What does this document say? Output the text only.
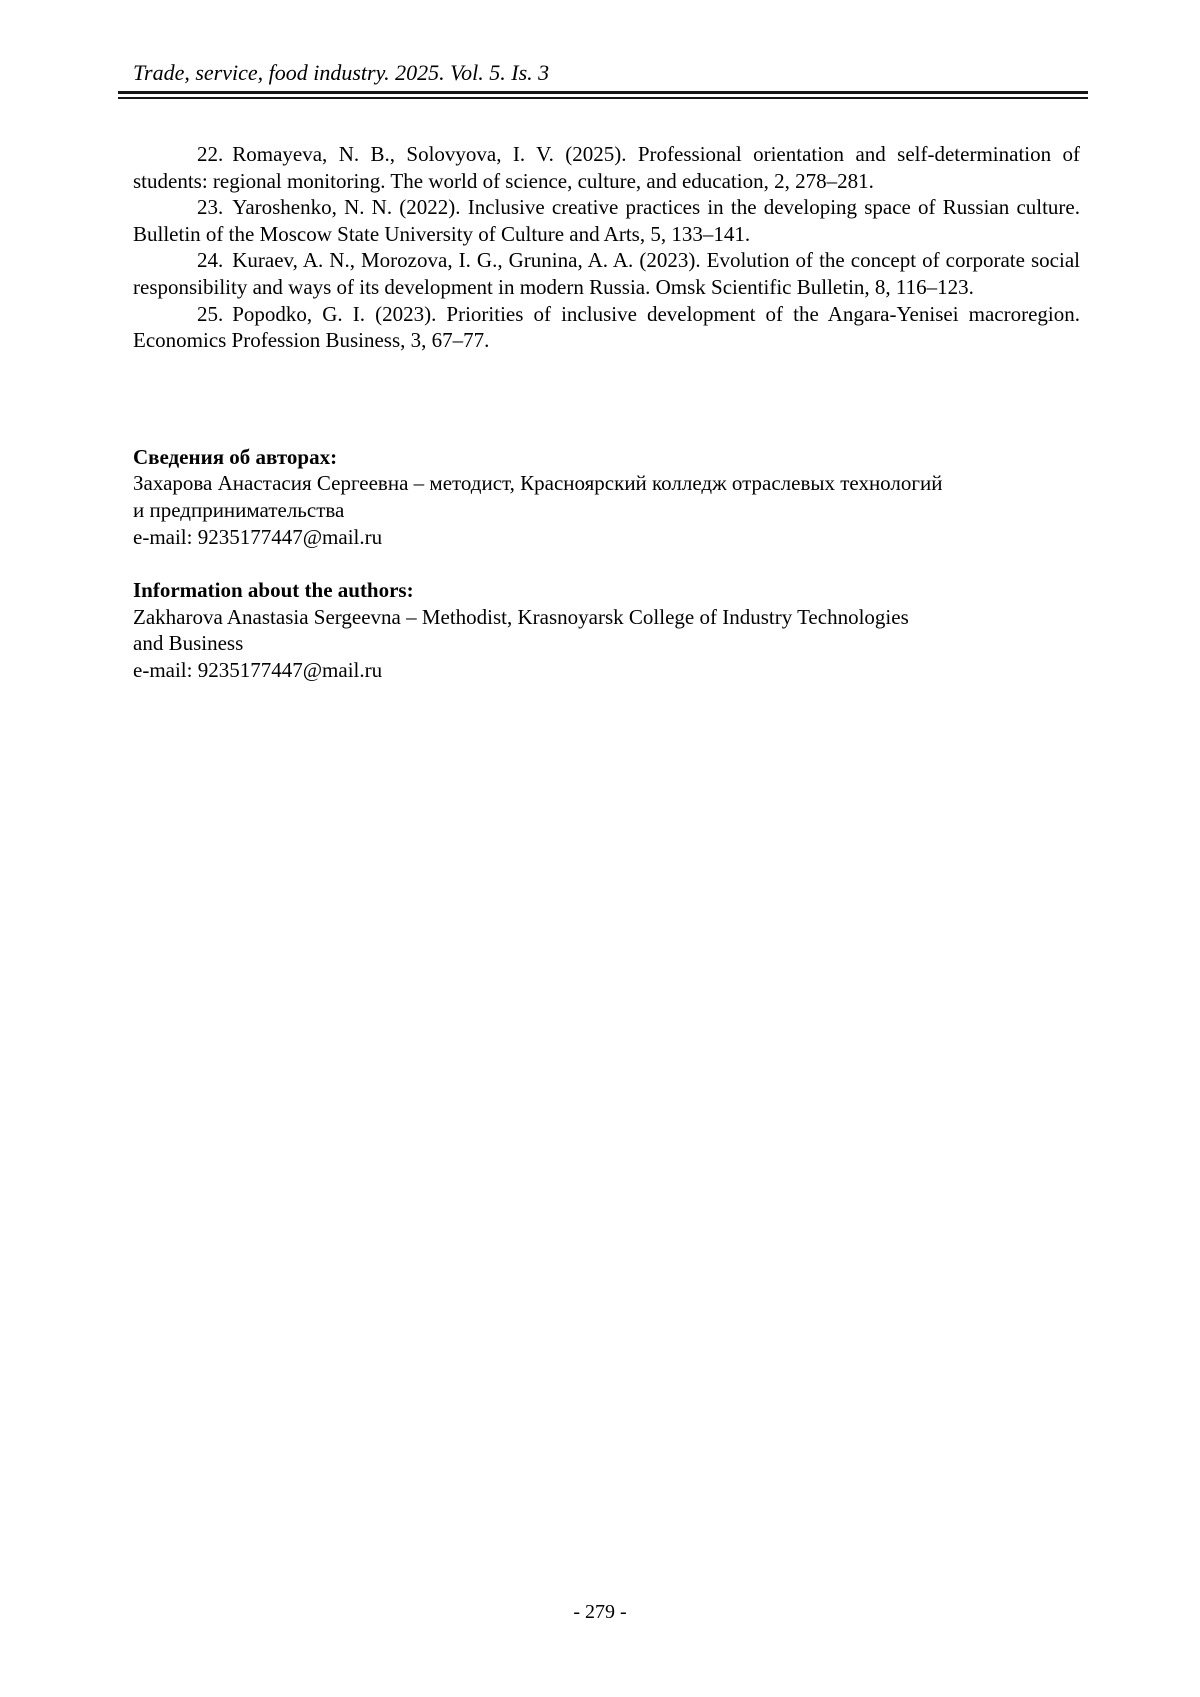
Trade, service, food industry. 2025. Vol. 5. Is. 3

22. Romayeva, N. B., Solovyova, I. V. (2025). Professional orientation and self-determination of students: regional monitoring. The world of science, culture, and education, 2, 278–281.

23. Yaroshenko, N. N. (2022). Inclusive creative practices in the developing space of Russian culture. Bulletin of the Moscow State University of Culture and Arts, 5, 133–141.

24. Kuraev, A. N., Morozova, I. G., Grunina, A. A. (2023). Evolution of the concept of corporate social responsibility and ways of its development in modern Russia. Omsk Scientific Bulletin, 8, 116–123.

25. Popodko, G. I. (2023). Priorities of inclusive development of the Angara-Yenisei macroregion. Economics Profession Business, 3, 67–77.

Сведения об авторах:

Захарова Анастасия Сергеевна – методист, Красноярский колледж отраслевых технологий

и предпринимательства

e-mail: 9235177447@mail.ru

Information about the authors:

Zakharova Anastasia Sergeevna – Methodist, Krasnoyarsk College of Industry Technologies

and Business

e-mail: 9235177447@mail.ru

- 279 -
